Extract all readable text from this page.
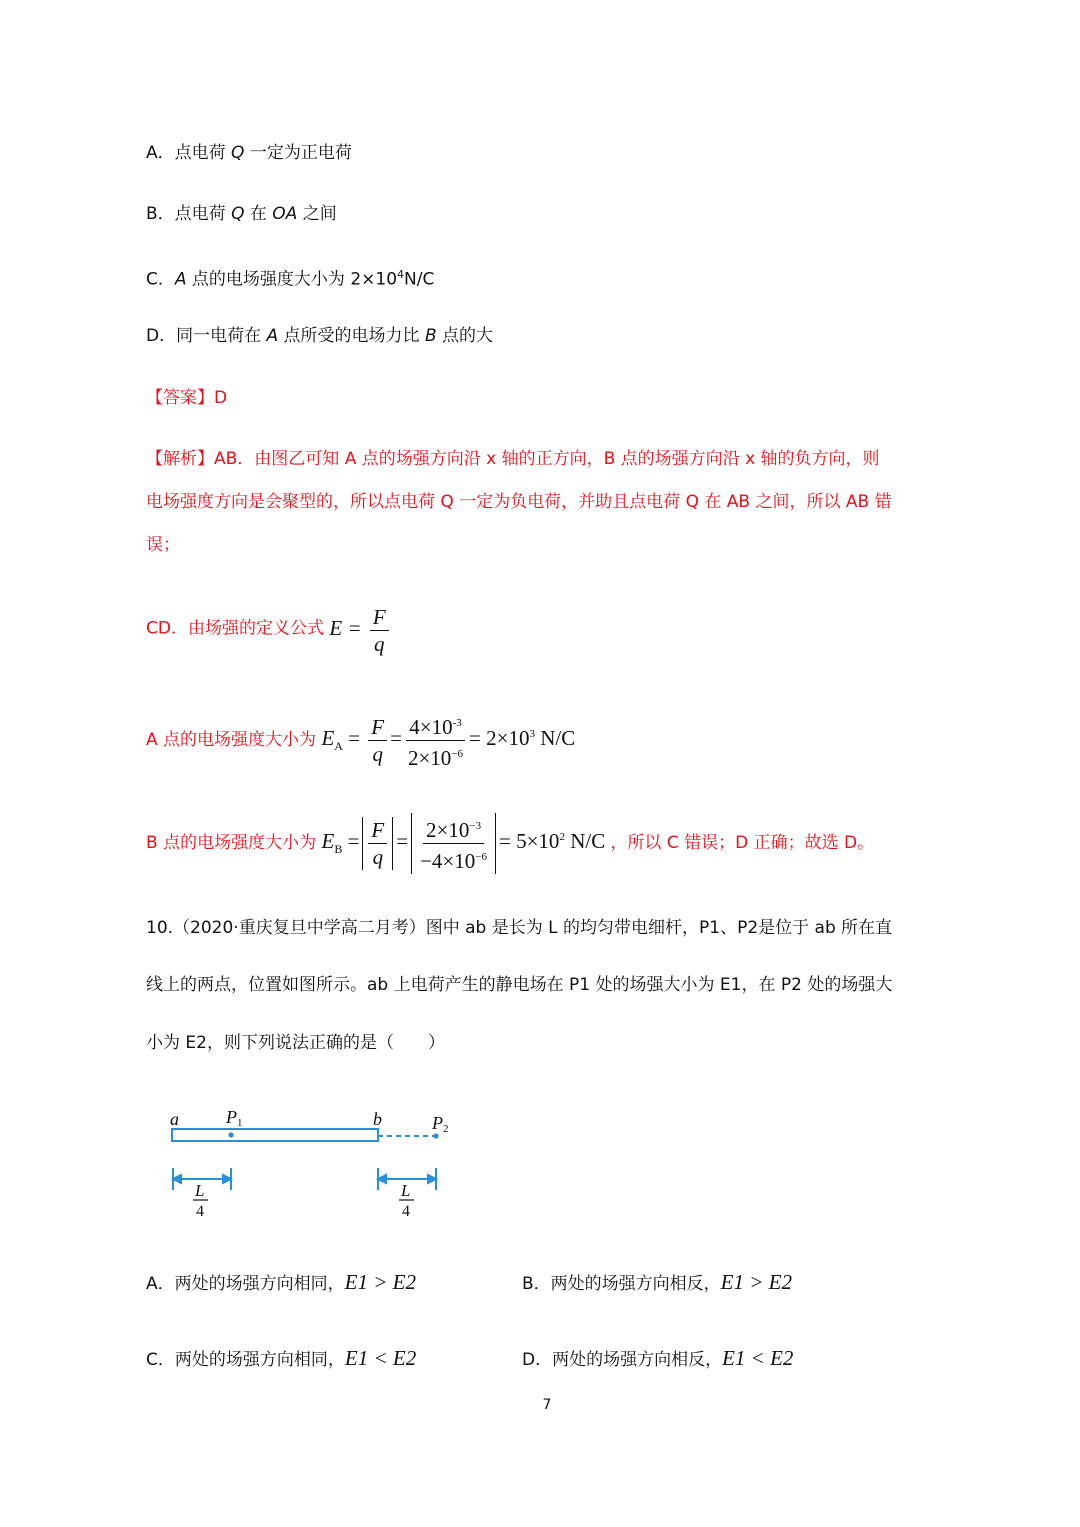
A．点电荷 Q 一定为正电荷
B．点电荷 Q 在 OA 之间
C．A 点的电场强度大小为 $2\times 10^4N/C$
D．同一电荷在 A 点所受的电场力比 B 点的大
【答案】D
【解析】AB．由图乙可知 A 点的场强方向沿 x 轴的正方向，B 点的场强方向沿 x 轴的负方向，则
电场强度方向是会聚型的，所以点电荷 Q 一定为负电荷，并助且点电荷 Q 在 AB 之间，所以 AB 错
误；
CD．由场强的定义公式 $E = \frac{F}{q}$
A 点的电场强度大小为 $E_A = \frac{F}{q} = \frac{4\times 10^{-3}}{2\times 10^{-6}} = 2\times 10^3$ N/C
B 点的电场强度大小为 $E_B = \frac{F}{q} = \frac{2\times 10^{-3}}{-4\times 10^{-6}} = 5\times 10^2$ N/C ，所以 C 错误；D 正确；故选 D。
10.（2020·重庆复旦中学高二月考）图中 ab 是长为 L 的均匀带电细杆，P1、P2是位于 ab 所在直
线上的两点，位置如图所示。ab 上电荷产生的静电场在 P1 处的场强大小为 E1，在 P2 处的场强大
小为 E2，则下列说法正确的是（　　）
a	P1	b	P2
L
4
L
4
A．两处的场强方向相同，E1 > E2	B．两处的场强方向相反，E1 > E2
C．两处的场强方向相同，E1 < E2	D．两处的场强方向相反，E1 < E2
7
